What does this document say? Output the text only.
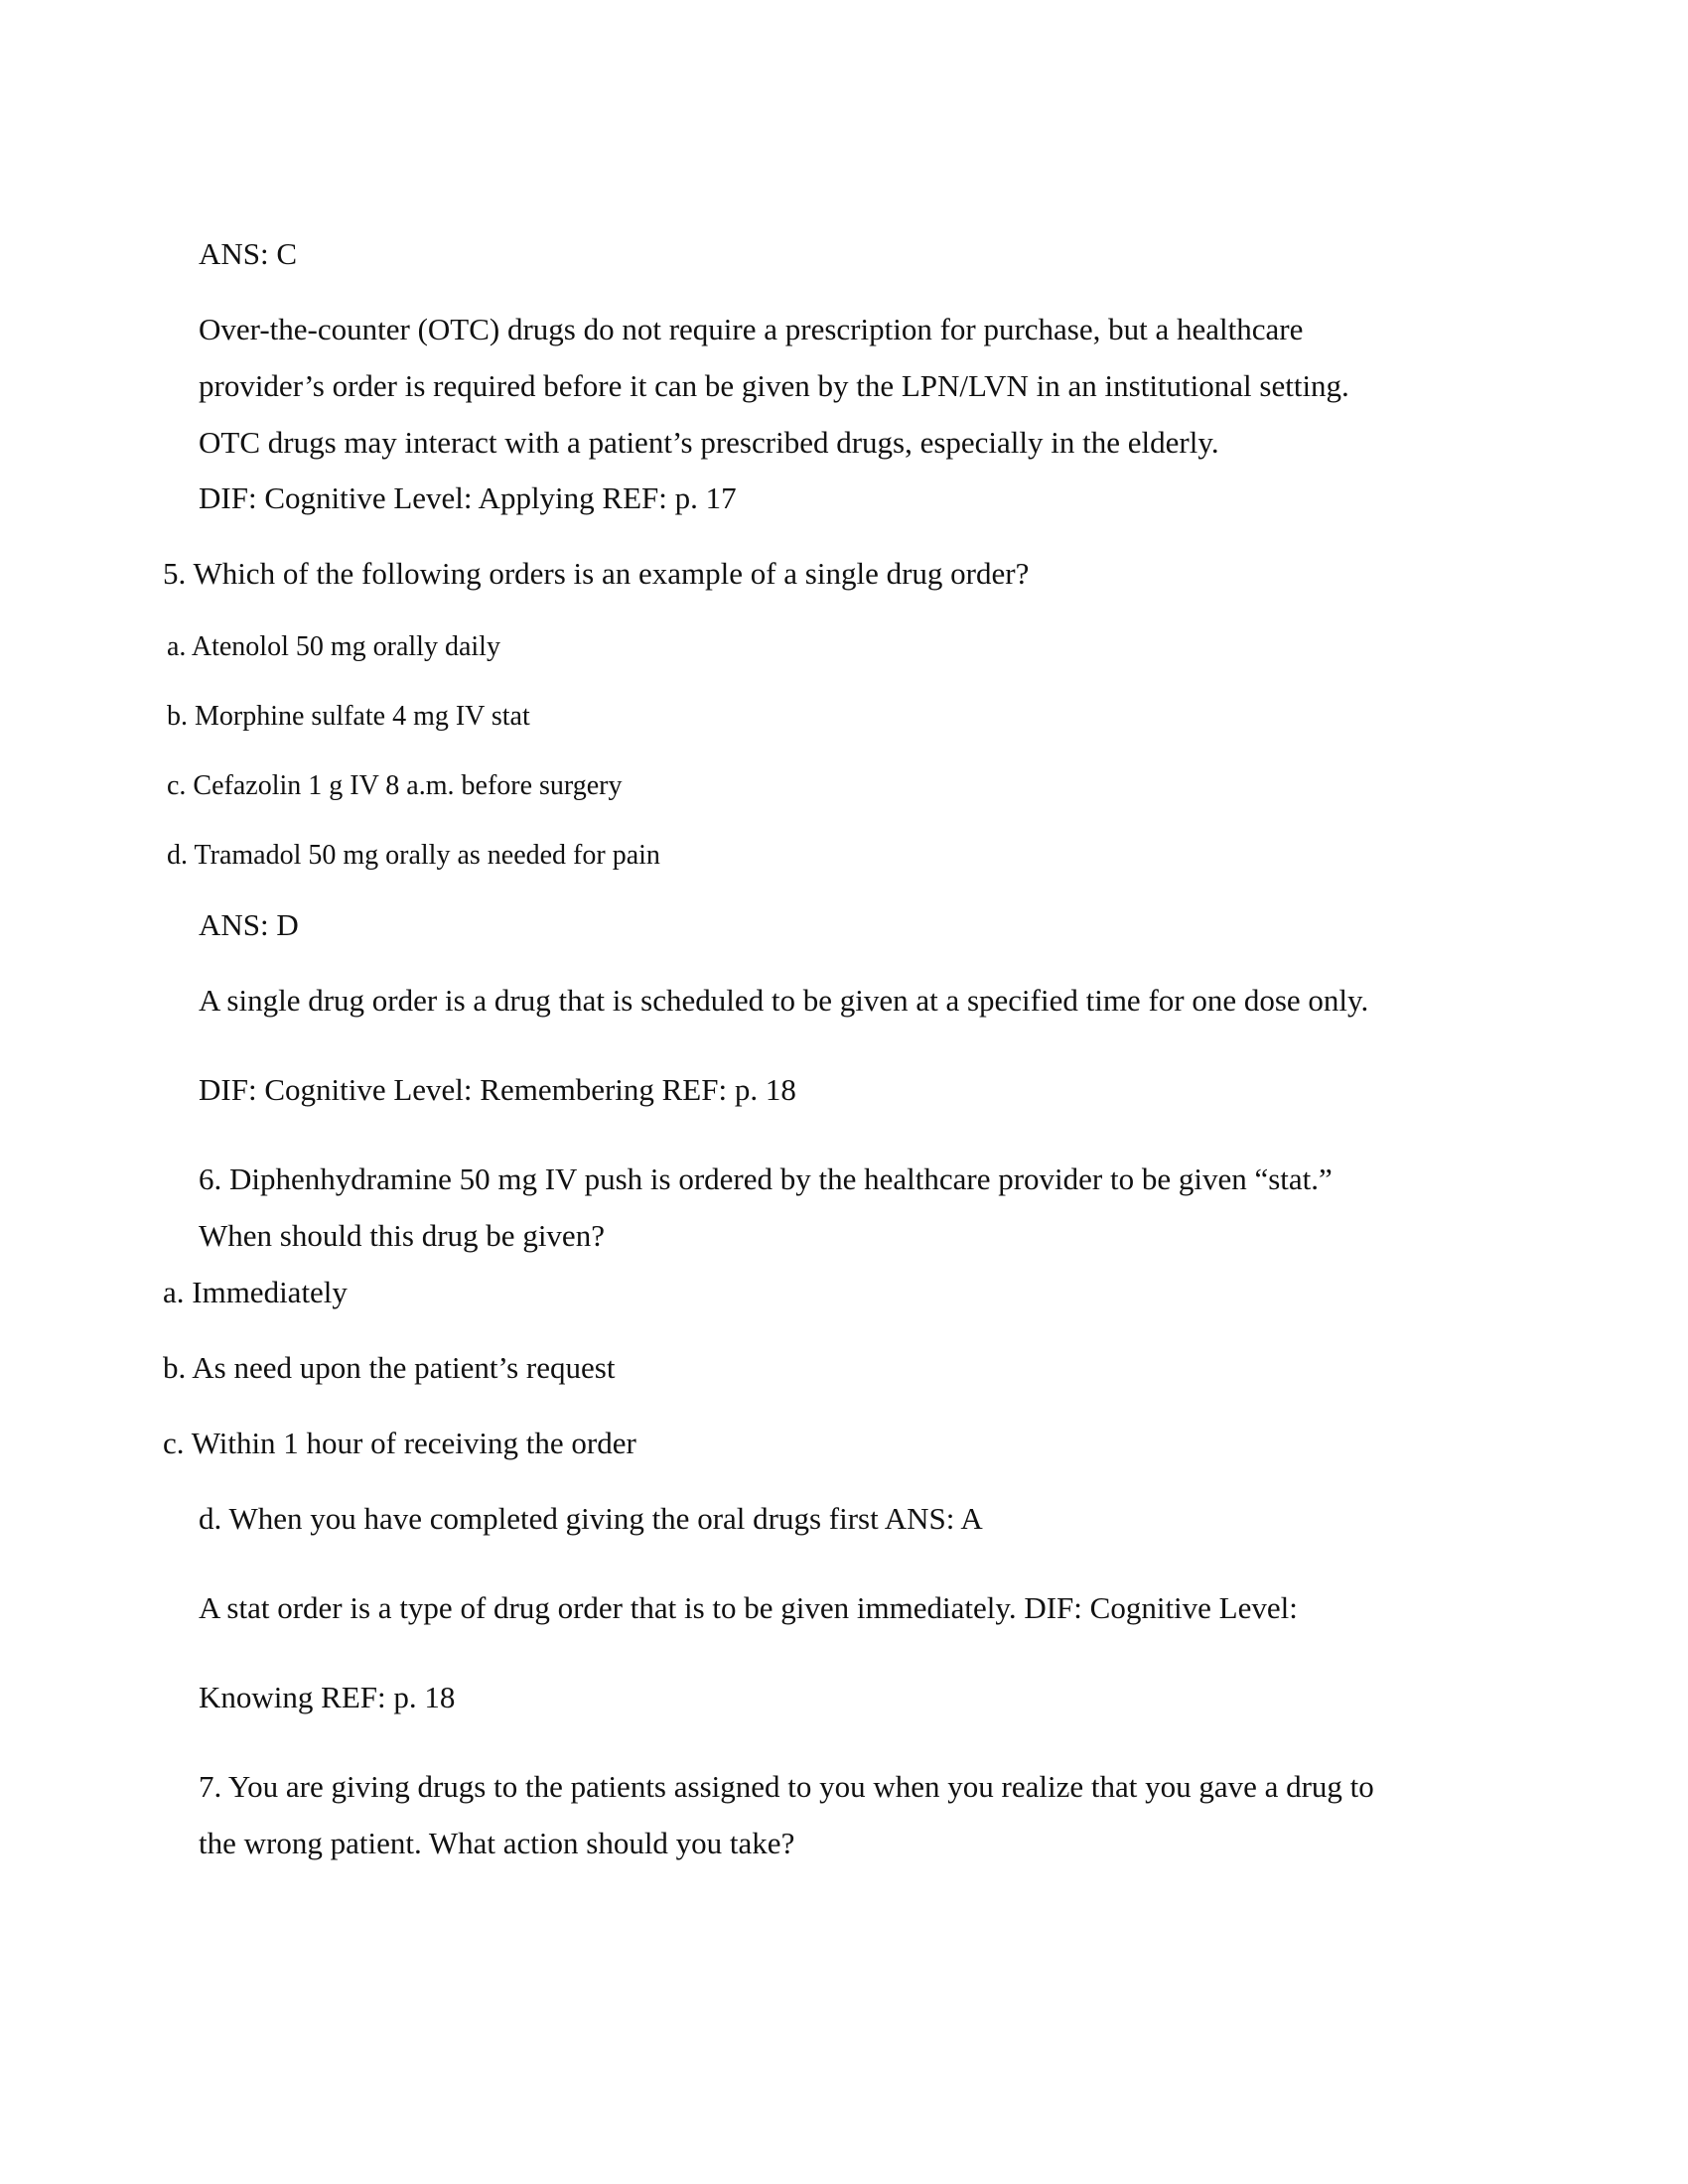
ANS: C
Over-the-counter (OTC) drugs do not require a prescription for purchase, but a healthcare
provider’s order is required before it can be given by the LPN/LVN in an institutional setting.
OTC drugs may interact with a patient’s prescribed drugs, especially in the elderly.
DIF: Cognitive Level: Applying REF: p. 17
5. Which of the following orders is an example of a single drug order?
a. Atenolol 50 mg orally daily
b. Morphine sulfate 4 mg IV stat
c. Cefazolin 1 g IV 8 a.m. before surgery
d. Tramadol 50 mg orally as needed for pain
ANS: D
A single drug order is a drug that is scheduled to be given at a specified time for one dose only.
DIF: Cognitive Level: Remembering REF: p. 18
6. Diphenhydramine 50 mg IV push is ordered by the healthcare provider to be given “stat.”
When should this drug be given?
a. Immediately
b. As need upon the patient’s request
c. Within 1 hour of receiving the order
d. When you have completed giving the oral drugs first ANS: A
A stat order is a type of drug order that is to be given immediately. DIF: Cognitive Level:
Knowing REF: p. 18
7. You are giving drugs to the patients assigned to you when you realize that you gave a drug to
the wrong patient. What action should you take?
